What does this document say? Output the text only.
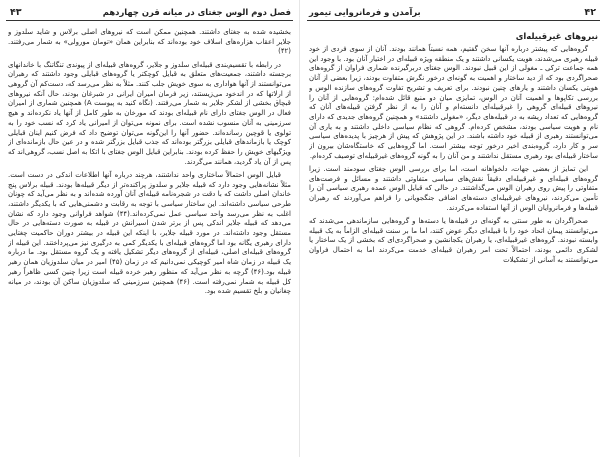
فصل دوم الوس جغتای در میانه قرن چهاردهم
۴۳

بخشیده شده به جغتای داشتند. همچنین ممکن است که نیروهای اصلی برلاس و شاید سلدوز و جلایر اعقاب هزاره‌های اسلاف خود بوده‌اند که بنابراین همان «تومان مورولی» به شمار می‌رفتند.(۴۲)

در رابطه با تقسیم‌بندی قبیله‌ای سلدوز و جلایر، گروه‌های قبیله‌ای از پیوندی تنگاتنگ با خاندانهای برجسته داشتند، جمعیت‌های متعلق به قبایل کوچکتر یا گروه‌های قبایلی وجود داشتند که رهبران می‌توانستند از آنها هواداری به سوی خویش جلب کنند. مثلاً به نظر می‌رسد که، دست‌کم آن گروهی از ارلاتها که در اندخود می‌زیستند، زیر فرمان امیران ایرانی در شبرغان بودند، حال آنکه نیروهای قبچاق بخشی از لشکر جلایر به شمار می‌رفتند. (نگاه کنید به پیوست A) همچنین شماری از امیران فعال در الوس جغتای دارای نام قبیله‌ای بودند که مورخان به طور کامل از آنها یاد نکرده‌اند و هیچ سرزمینی به آنان منسوب نشده است. برای نمونه می‌توان از امیرانی یاد کرد که نسب خود را به تولوی یا قوچین رسانده‌اند. حضور آنها را این‌گونه می‌توان توضیح داد که فرض کنیم اینان قبایلی کوچک یا بازماندهای قبایلی بزرگتر بوده‌اند که جذب قبایل بزرگتر شده و در عین حال بازمانده‌ای از ویژگیهای خویش را حفظ کرده بودند. بنابراین قبایل الوس جغتای با اتکا به اصل نسب، گروهی‌اند که پس از آن یاد گردید، همانند می‌گردند.

قبایل الوس احتمالاً ساختاری واحد نداشتند، هرچند درباره آنها اطلاعات اندکی در دست است. مثلاً نشانه‌هایی وجود دارد که قبیله جلایر و سلدوز پراکنده‌تر از دیگر قبیله‌ها بودند. قبیله برلاس پنج خاندان اصلی داشت که با دقت در شجره‌نامه قبیله‌ای آنان آورده شده‌اند و به نظر می‌آید که چونان طرحی سیاسی داشته‌اند. این ساختار سیاسی با توجه به رقابت و دشمنی‌هایی که با یکدیگر داشتند، اغلب به نظر می‌رسد واحد سیاسی عمل نمی‌کرده‌اند.(۴۴) شواهد فراوانی وجود دارد که نشان می‌دهد که قبیله جلایر اندکی پس از برتر شدن اسیرانش در قبیله به صورت دسته‌هایی در حال مستقل وجود داشته‌اند. در مورد قبیله جلایر، با اینکه این قبیله در بیشتر دوران حاکمیت چغتایی دارای رهبری یگانه بود اما گروه‌های قبیله‌ای با یکدیگر کمی به درگیری نیز می‌پرداختند. این قبیله از گروه‌های قبیله‌ای اصلی، قبیله‌ای از گروه‌های دیگر تشکیل یافته و یک گروه مستقل بود. ما درباره یک قبیله در زمان شاه امیر کوچیکی نمی‌دانیم که در زمان (۴۵) امیر در میان سلدوزیان همان رهبر قبیله بود.(۴۶) گرچه به نظر می‌آید که منظور رهبر خرده قبیله است زیرا چنین کسی ظاهراً رهبر کل قبیله به شمار نمی‌رفته است. (۴۶) همچنین سرزمینی که سلدوزیان ساکن آن بودند، در میانه چغانیان و بلخ تقسیم شده بود.

برآمدن و فرمانروایی تیمور	۴۲
نیروهای غیرقبیله‌ای

گروه‌هایی که پیشتر درباره آنها سخن گفتیم، همه نسبتاً همانند بودند. آنان از سوی فردی از خود قبیله رهبری می‌شدند، هویت یکسانی داشتند و یک منطقه ویژه قبیله‌ای در اختیار آنان بود. با وجود این همه جماعت ترکی ـ مغولی از این قبیل نبودند. الوس جغتای دربرگیرنده شماری فراوان از گروه‌های صحراگردی بود که از دید ساختار و اهمیت به گونه‌ای درخور نگرش متفاوت بودند، زیرا بعضی از آنان هویتی یکسان داشتند و یارهای چنین نبودند. برای تعریف و تشریح تفاوت گروه‌های سازنده الوس و بررسی تکاپوها و اهمیت آنان در الوس، تمایزی میان دو منبع قائل شده‌ام: گروه‌هایی از آنان را نیروهای قبیله‌ای گروهی را غیرقبیله‌ای دانسته‌ام و آنان را به از نظر گرفتن قبیله‌های آنان که گروه‌هایی که تعداد ریشه به در قبیله‌های دیگر، «مغولی داشتند» و همچنین گروه‌های جدیدی که دارای نام و هویت سیاسی بودند، مشخص کرده‌ام. گروهی که نظام سیاسی داخلی داشتند و به یاری آن می‌توانستند رهبری از قبیله خود داشته باشند. در این پژوهش که پیش از هرچیز با پدیده‌های سیاسی سر و کار دارد، گروه‌بندی اخیر درخور توجه بیشتر است. اما گروه‌هایی که خاستگاه‌شان بیرون از ساختار قبیله‌ای بود رهبری مستقل نداشتند و من آنان را به گونه گروه‌های غیرقبیله‌ای توصیف کرده‌ام.

این تمایز از بعضی جهات، دلخواهانه است، اما برای بررسی الوس جغتای سودمند است. زیرا گروه‌های قبیله‌ای و غیرقبیله‌ای دقیقاً نقش‌های سیاسی متفاوتی داشتند و مسائل و فرصت‌های متفاوتی را پیش روی رهبران الوس می‌گذاشتند. در حالی که قبایل الوس عمده رهبری سیاسی آن را تأمین می‌کردند، نیروهای غیرقبیله‌ای دسته‌های اضافی جنگجویانی را فراهم می‌آوردند که رهبران قبیله‌ها و فرمانروایان الوس از آنها استفاده می‌کردند.

صحراگردان به طور سنتی به گونه‌ای در قبیله‌ها یا دسته‌ها و گروه‌هایی سازماندهی می‌شدند که می‌توانستند پیمان اتحاد خود را با قبیله‌ای دیگر عوض کنند، اما ما بر سنت قبیله‌ای الزاماً به یک قبیله وابسته نبودند. گروه‌های غیرقبیله‌ای، یا رهبران یکجانشین و صحراگردی‌ای که بخشی از یک ساختار یا لشکری دائمی بودند، احتمالاً تحت امر رهبران قبیله‌ای خدمت می‌کردند اما به احتمال فراوان می‌توانستند به آسانی از تشکیلات
